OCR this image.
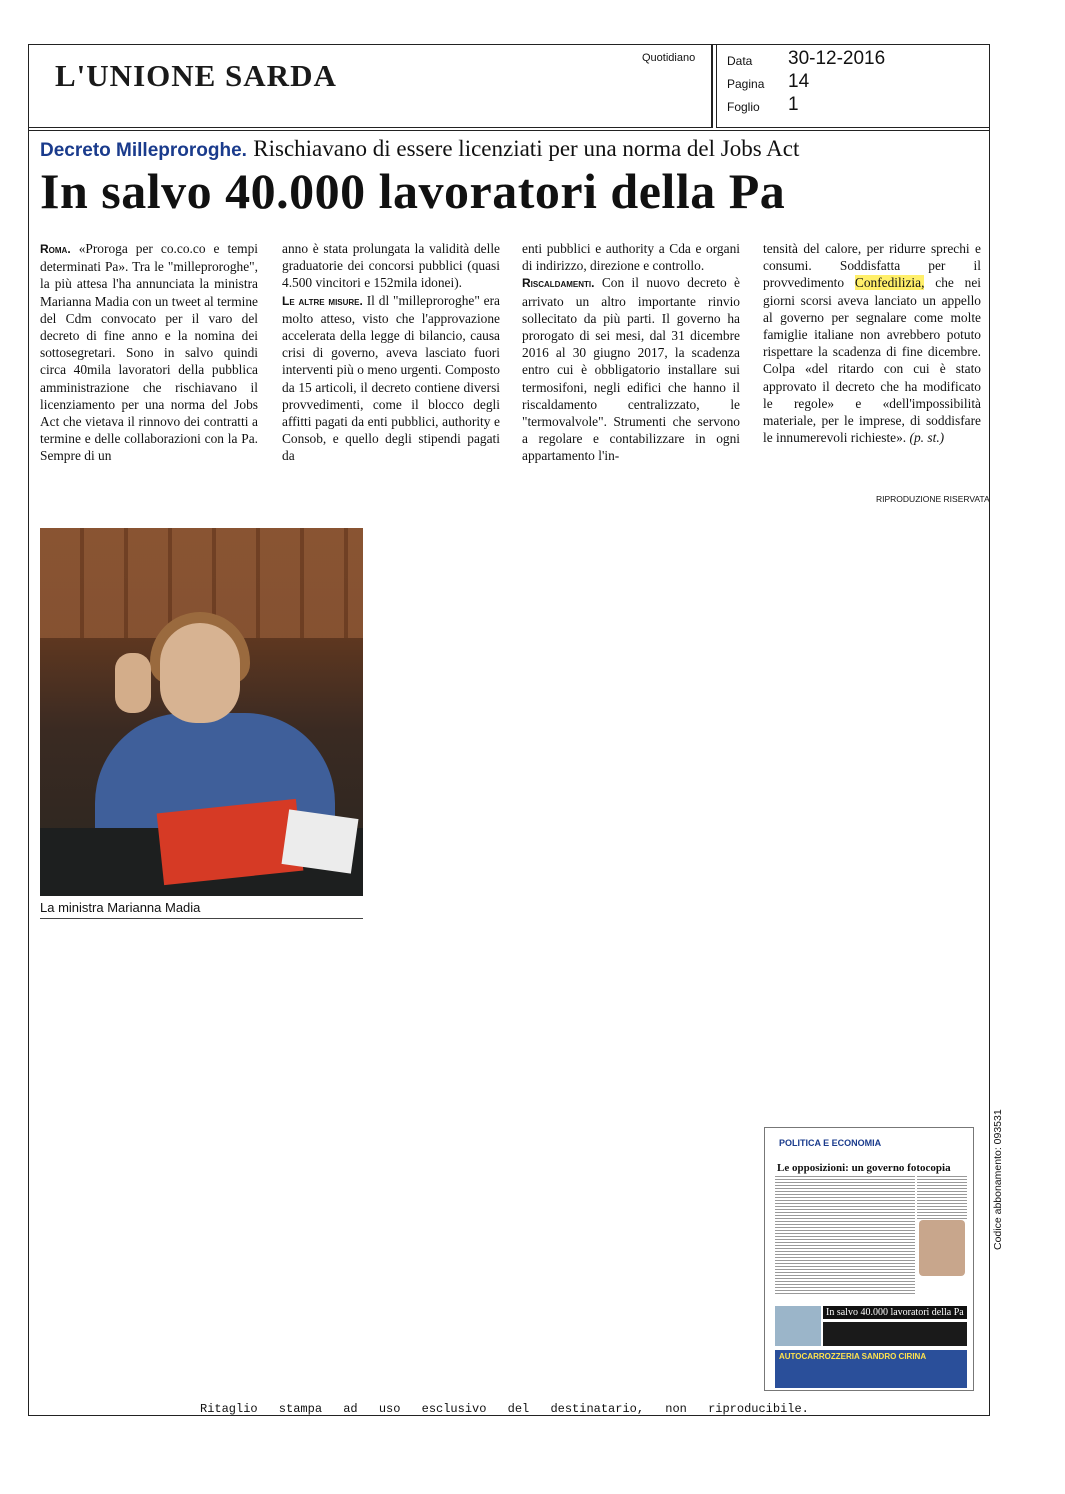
L'UNIONE SARDA	Quotidiano	Data 30-12-2016
Pagina 14
Foglio 1
Decreto Milleproroghe. Rischiavano di essere licenziati per una norma del Jobs Act
In salvo 40.000 lavoratori della Pa
Roma. «Proroga per co.co.co e tempi determinati Pa». Tra le "milleproroghe", la più attesa l'ha annunciata la ministra Marianna Madia con un tweet al termine del Cdm convocato per il varo del decreto di fine anno e la nomina dei sottosegretari. Sono in salvo quindi circa 40mila lavoratori della pubblica amministrazione che rischiavano il licenziamento per una norma del Jobs Act che vietava il rinnovo dei contratti a termine e delle collaborazioni con la Pa. Sempre di un
anno è stata prolungata la validità delle graduatorie dei concorsi pubblici (quasi 4.500 vincitori e 152mila idonei).
Le altre misure. Il dl "milleproroghe" era molto atteso, visto che l'approvazione accelerata della legge di bilancio, causa crisi di governo, aveva lasciato fuori interventi più o meno urgenti. Composto da 15 articoli, il decreto contiene diversi provvedimenti, come il blocco degli affitti pagati da enti pubblici, authority e Consob, e quello degli stipendi pagati da
enti pubblici e authority a Cda e organi di indirizzo, direzione e controllo.
Riscaldamenti. Con il nuovo decreto è arrivato un altro importante rinvio sollecitato da più parti. Il governo ha prorogato di sei mesi, dal 31 dicembre 2016 al 30 giugno 2017, la scadenza entro cui è obbligatorio installare sui termosifoni, negli edifici che hanno il riscaldamento centralizzato, le "termovalvole". Strumenti che servono a regolare e contabilizzare in ogni appartamento l'in-
tensità del calore, per ridurre sprechi e consumi. Soddisfatta per il provvedimento Confedilizia, che nei giorni scorsi aveva lanciato un appello al governo per segnalare come molte famiglie italiane non avrebbero potuto rispettare la scadenza di fine dicembre. Colpa «del ritardo con cui è stato approvato il decreto che ha modificato le regole» e «dell'impossibilità materiale, per le imprese, di soddisfare le innumerevoli richieste». (p. st.)
RIPRODUZIONE RISERVATA
La ministra Marianna Madia
POLITICA E ECONOMIA
Le opposizioni: un governo fotocopia
In salvo 40.000 lavoratori della Pa
AUTOCARROZZERIA SANDRO CIRINA
Codice abbonamento: 093531
Ritaglio stampa ad uso esclusivo del destinatario, non riproducibile.
